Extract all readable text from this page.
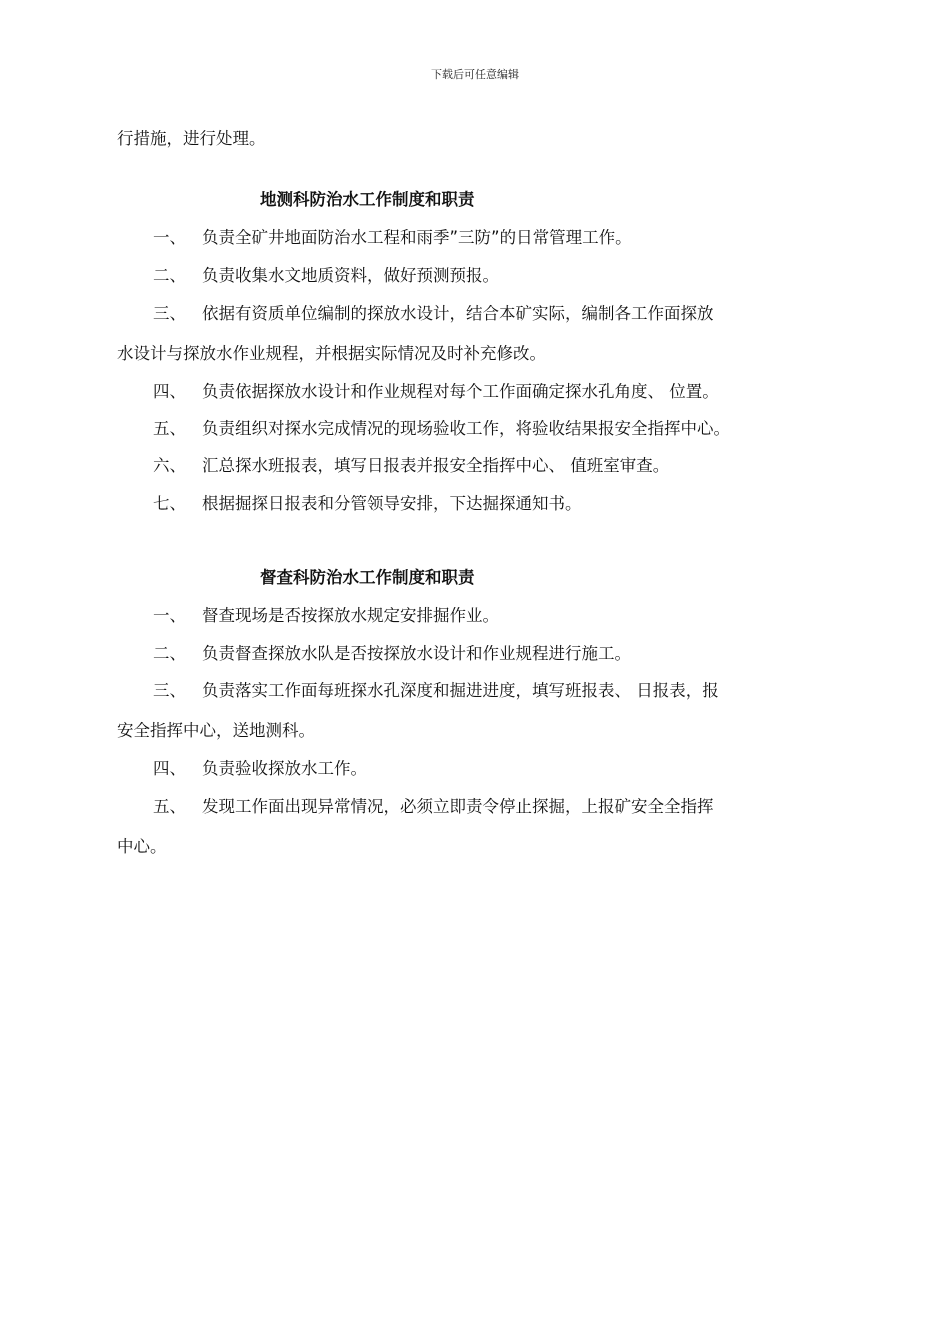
下载后可任意编辑
行措施，进行处理。
地测科防治水工作制度和职责
一、 负责全矿井地面防治水工程和雨季”三防”的日常管理工作。
二、 负责收集水文地质资料，做好预测预报。
三、 依据有资质单位编制的探放水设计，结合本矿实际，编制各工作面探放
水设计与探放水作业规程，并根据实际情况及时补充修改。
四、 负责依据探放水设计和作业规程对每个工作面确定探水孔角度、 位置。
五、 负责组织对探水完成情况的现场验收工作，将验收结果报安全指挥中心。
六、 汇总探水班报表，填写日报表并报安全指挥中心、 值班室审查。
七、 根据掘探日报表和分管领导安排，下达掘探通知书。
督查科防治水工作制度和职责
一、 督查现场是否按探放水规定安排掘作业。
二、 负责督查探放水队是否按探放水设计和作业规程进行施工。
三、 负责落实工作面每班探水孔深度和掘进进度，填写班报表、 日报表，报
安全指挥中心，送地测科。
四、 负责验收探放水工作。
五、 发现工作面出现异常情况，必须立即责令停止探掘，上报矿安全全指挥
中心。
